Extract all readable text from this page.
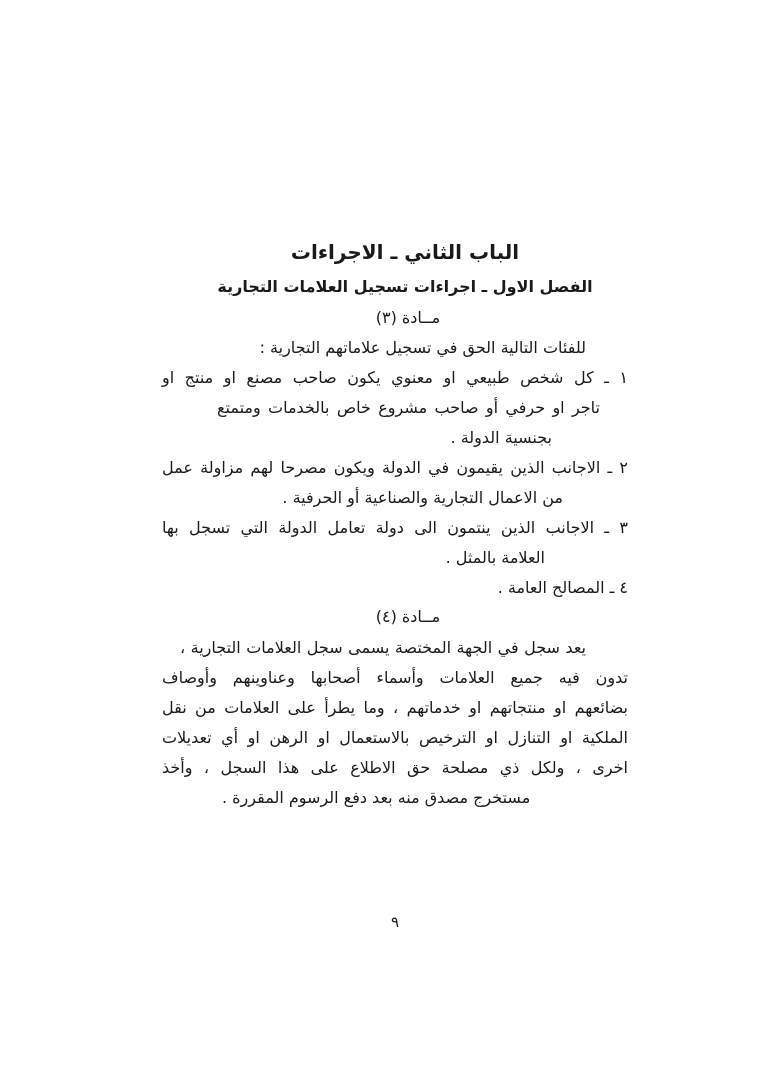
الباب الثاني ـ الاجراءات
الفصل الاول ـ اجراءات تسجيل العلامات التجارية
مــادة (٣)
للفئات التالية الحق في تسجيل علاماتهم التجارية :
١ ـ كل شخص طبيعي او معنوي يكون صاحب مصنع او منتج او
تاجر او حرفي أو صاحب مشروع خاص بالخدمات ومتمتع
بجنسية الدولة .
٢ ـ الاجانب الذين يقيمون في الدولة ويكون مصرحا لهم مزاولة عمل
من الاعمال التجارية والصناعية أو الحرفية .
٣ ـ الاجانب الذين ينتمون الى دولة تعامل الدولة التي تسجل بها
العلامة بالمثل .
٤ ـ المصالح العامة .
مــادة (٤)
يعد سجل في الجهة المختصة يسمى سجل العلامات التجارية ،
تدون فيه جميع العلامات وأسماء أصحابها وعناوينهم وأوصاف
بضائعهم او منتجاتهم او خدماتهم ، وما يطرأ على العلامات من نقل
الملكية او التنازل او الترخيص بالاستعمال او الرهن او أي تعديلات
اخرى ، ولكل ذي مصلحة حق الاطلاع على هذا السجل ، وأخذ
مستخرج مصدق منه بعد دفع الرسوم المقررة .
٩
